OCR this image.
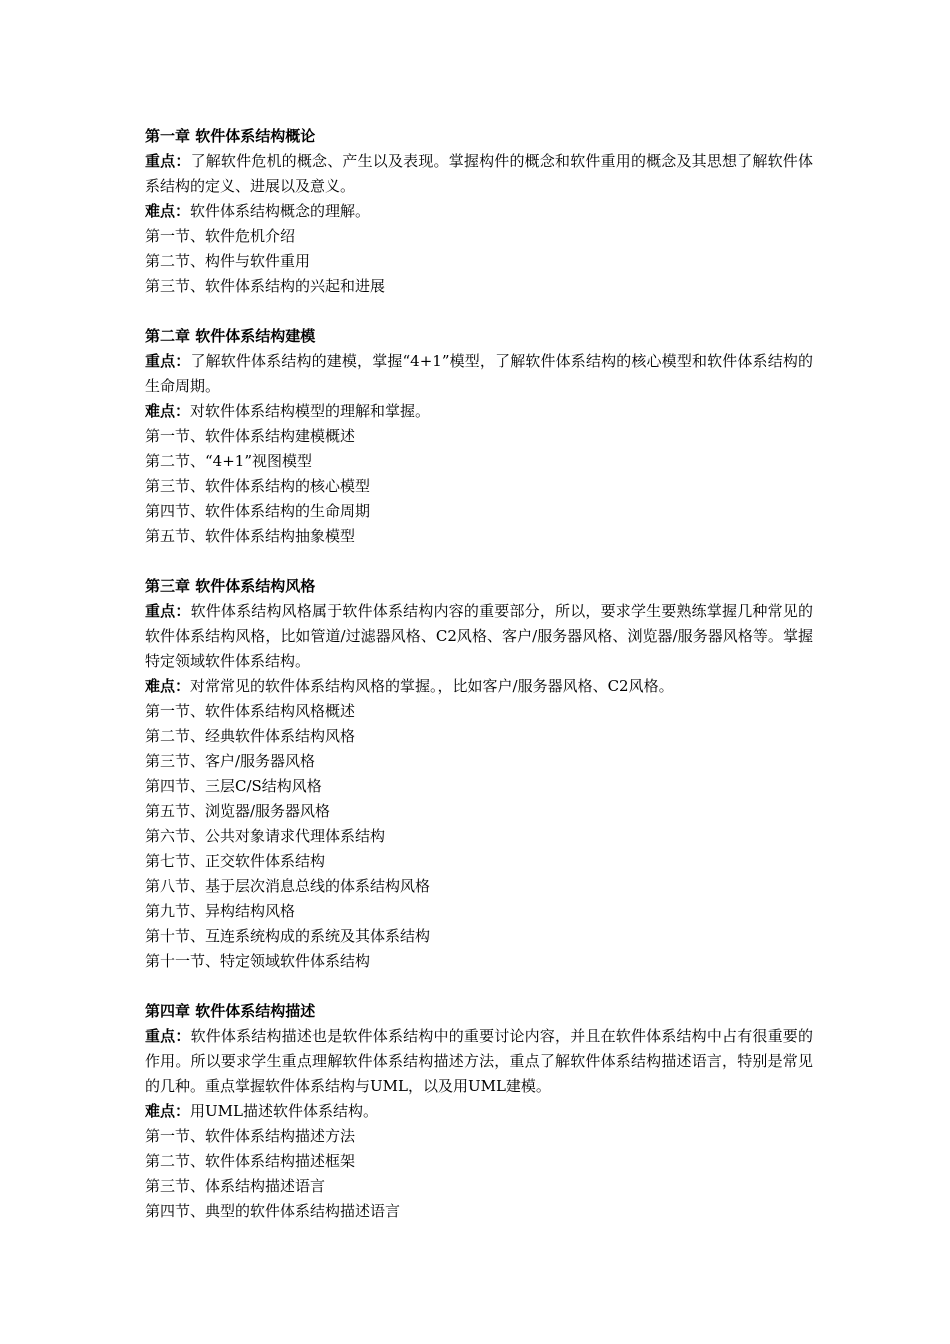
第一章 软件体系结构概论

重点：了解软件危机的概念、产生以及表现。掌握构件的概念和软件重用的概念及其思想了解软件体系结构的定义、进展以及意义。

难点：软件体系结构概念的理解。

第一节、软件危机介绍

第二节、构件与软件重用

第三节、软件体系结构的兴起和进展

第二章 软件体系结构建模

重点：了解软件体系结构的建模，掌握“4+1”模型，了解软件体系结构的核心模型和软件体系结构的生命周期。

难点：对软件体系结构模型的理解和掌握。

第一节、软件体系结构建模概述

第二节、“4+1”视图模型

第三节、软件体系结构的核心模型

第四节、软件体系结构的生命周期

第五节、软件体系结构抽象模型

第三章 软件体系结构风格

重点：软件体系结构风格属于软件体系结构内容的重要部分，所以，要求学生要熟练掌握几种常见的软件体系结构风格，比如管道/过滤器风格、C2风格、客户/服务器风格、浏览器/服务器风格等。掌握特定领域软件体系结构。

难点：对常常见的软件体系结构风格的掌握。，比如客户/服务器风格、C2风格。

第一节、软件体系结构风格概述

第二节、经典软件体系结构风格

第三节、客户/服务器风格

第四节、三层C/S结构风格

第五节、浏览器/服务器风格

第六节、公共对象请求代理体系结构

第七节、正交软件体系结构

第八节、基于层次消息总线的体系结构风格

第九节、异构结构风格

第十节、互连系统构成的系统及其体系结构

第十一节、特定领域软件体系结构

第四章 软件体系结构描述

重点：软件体系结构描述也是软件体系结构中的重要讨论内容，并且在软件体系结构中占有很重要的作用。所以要求学生重点理解软件体系结构描述方法，重点了解软件体系结构描述语言，特别是常见的几种。重点掌握软件体系结构与UML，以及用UML建模。

难点：用UML描述软件体系结构。

第一节、软件体系结构描述方法

第二节、软件体系结构描述框架

第三节、体系结构描述语言

第四节、典型的软件体系结构描述语言
